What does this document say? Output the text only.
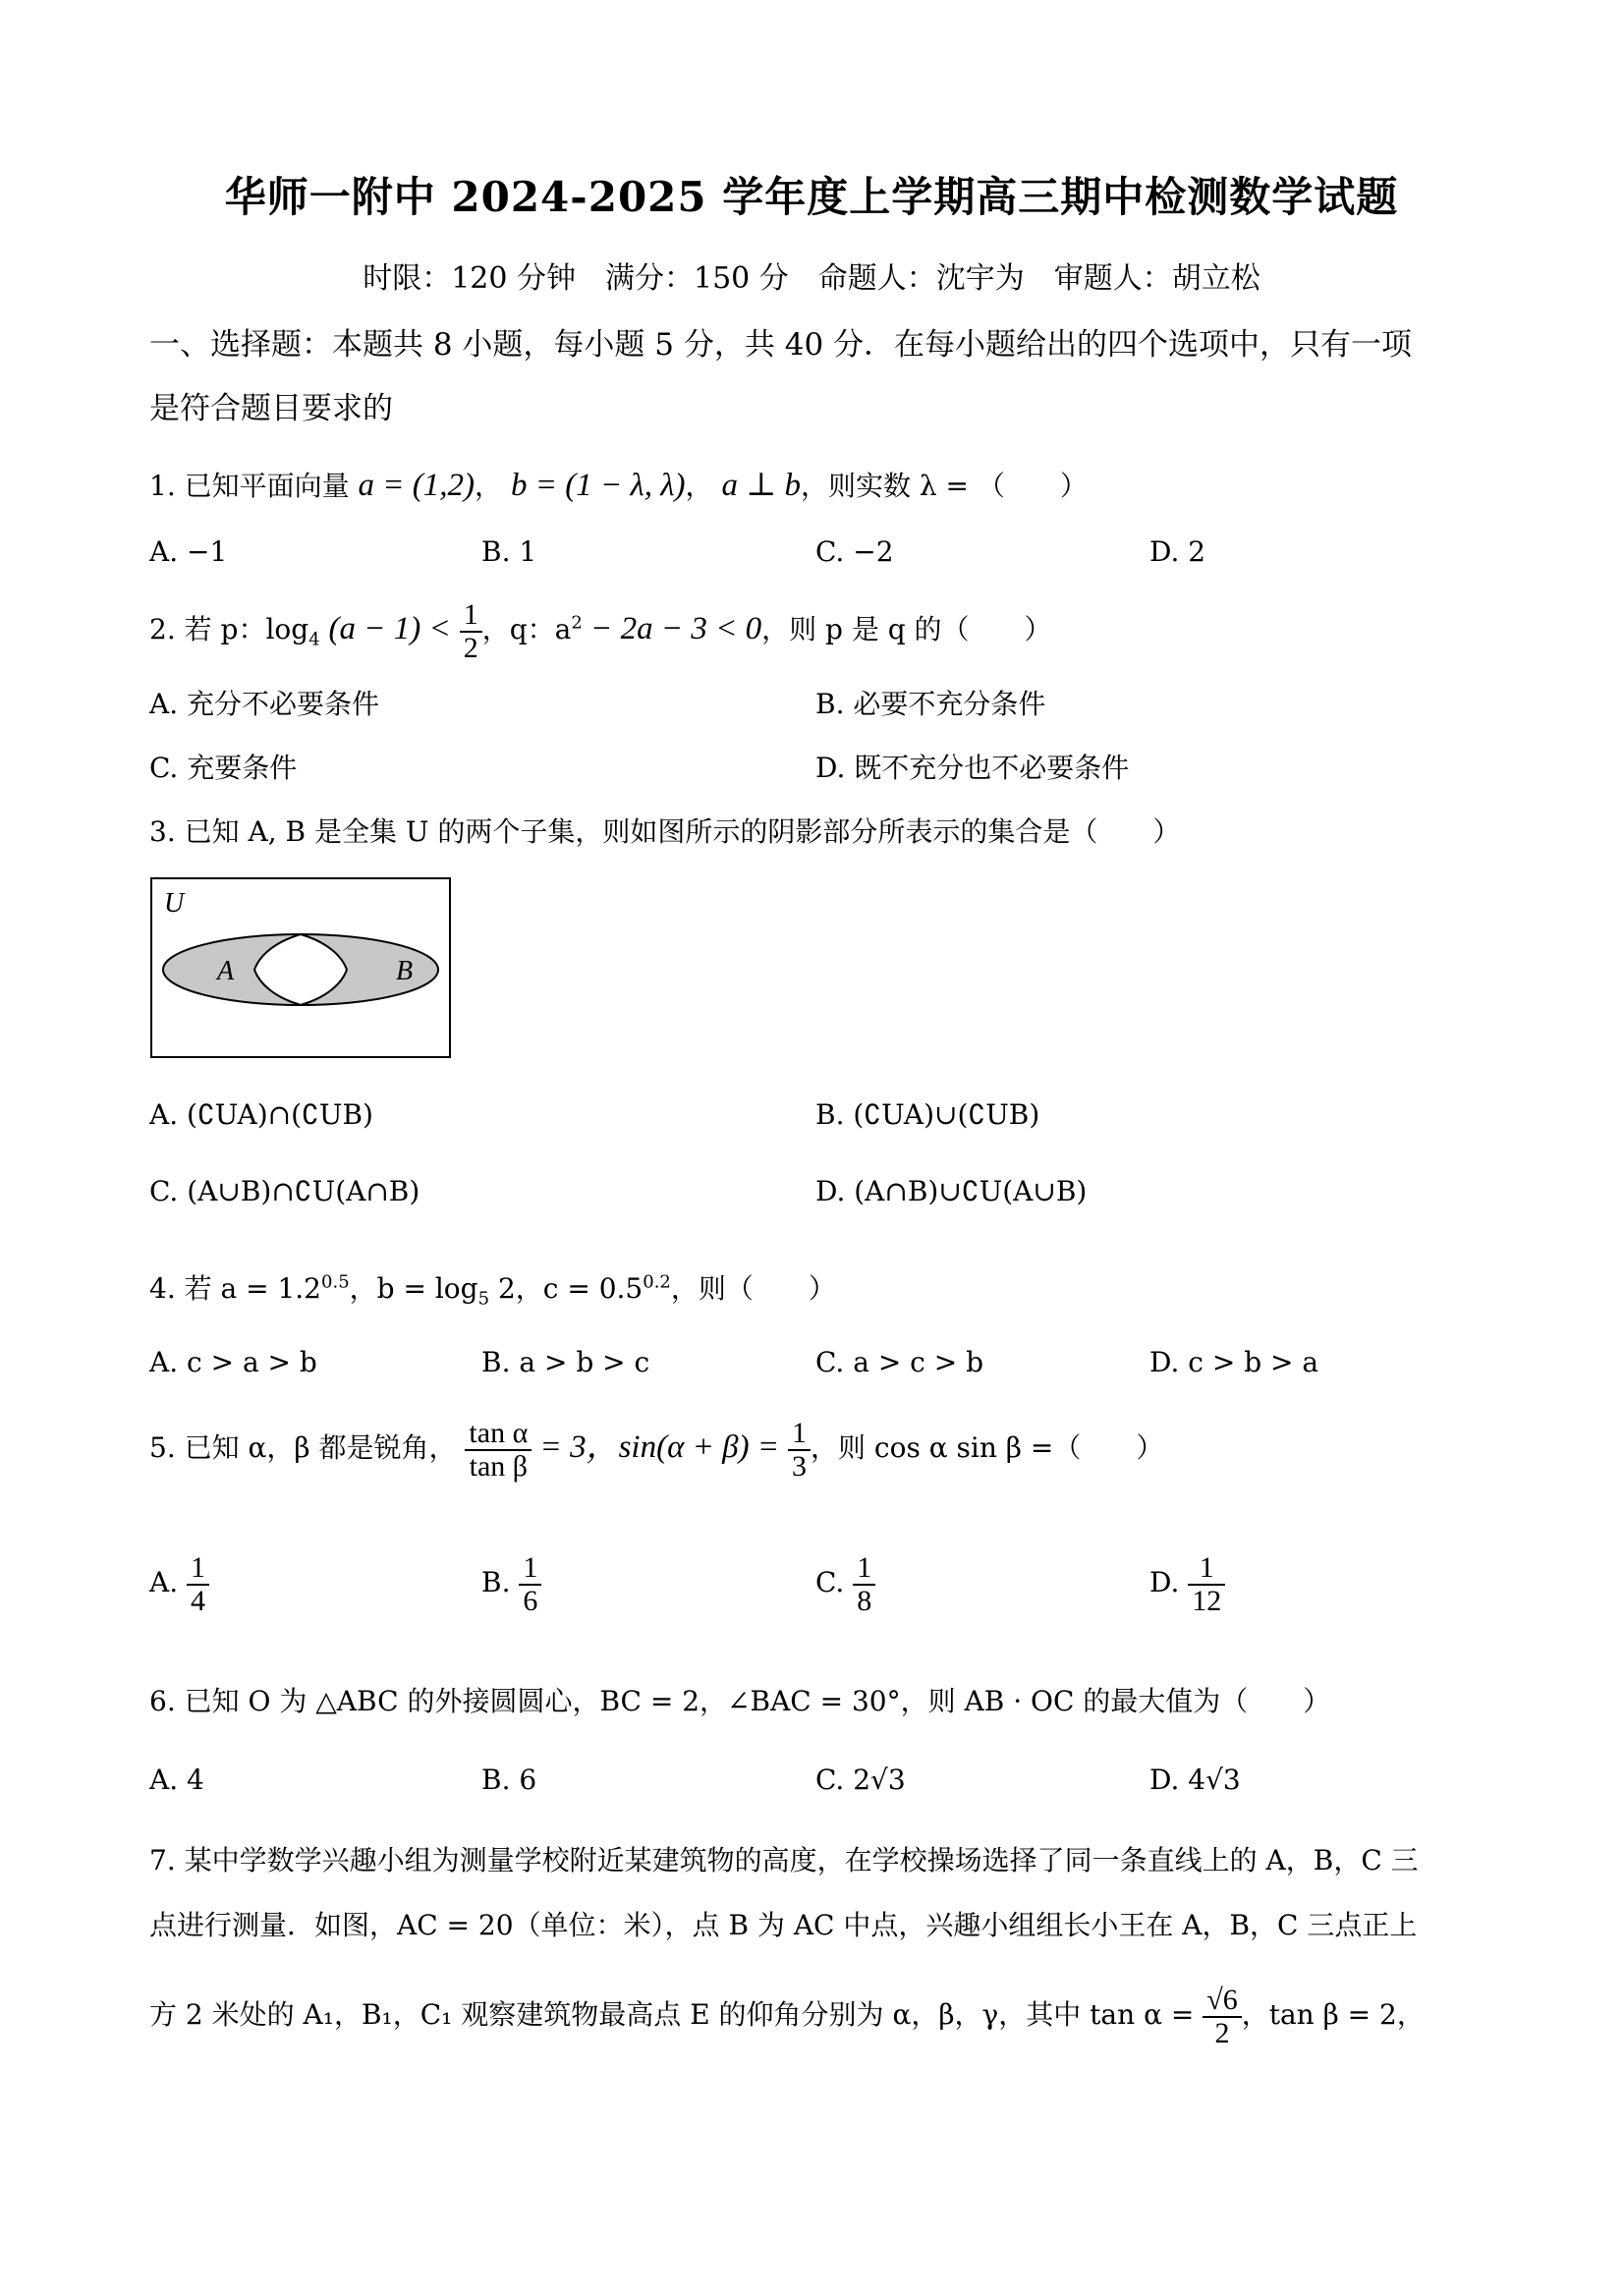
华师一附中 2024-2025 学年度上学期高三期中检测数学试题
时限：120 分钟　满分：150 分　命题人：沈宇为　审题人：胡立松
一、选择题：本题共 8 小题，每小题 5 分，共 40 分．在每小题给出的四个选项中，只有一项
是符合题目要求的
1. 已知平面向量 a = (1,2)， b = (1 − λ, λ)， a ⊥ b，则实数 λ = （　　）
A. −1	B. 1	C. −2	D. 2
2. 若 p：$\log_4 (a - 1) < \frac{1}{2}$ ，q：$a^2 - 2a - 3 < 0$，则 p 是 q 的（　　）
A. 充分不必要条件	B. 必要不充分条件
C. 充要条件	D. 既不充分也不必要条件
3. 已知 A, B 是全集 U 的两个子集，则如图所示的阴影部分所表示的集合是（　　）
U
A	B
A. (∁UA)∩(∁UB)	B. (∁UA)∪(∁UB)
C. (A∪B)∩∁U(A∩B)	D. (A∩B)∪∁U(A∪B)
4. 若 $a = 1.2^{0.5}$，$b = \log_5 2$，$c = 0.5^{0.2}$，则（　　）
A. c > a > b	B. a > b > c	C. a > c > b	D. c > b > a
5. 已知 α，β 都是锐角， $\frac{\text{tan α}}{\text{tan β}} = 3$，$\sin(\alpha + \beta) = \frac{1}{3}$ ，则 cos α sin β =（　　）
A. $\frac{1}{4}$	B. $\frac{1}{6}$	C. $\frac{1}{8}$	D. $\frac{1}{12}$
6. 已知 O 为 △ABC 的外接圆圆心，BC = 2，∠BAC = 30°，则 AB · OC 的最大值为（　　）
A. 4	B. 6	C. 2√3	D. 4√3
7. 某中学数学兴趣小组为测量学校附近某建筑物的高度，在学校操场选择了同一条直线上的 A，B，C 三
点进行测量．如图，AC = 20（单位：米），点 B 为 AC 中点，兴趣小组组长小王在 A，B，C 三点正上
方 2 米处的 A₁，B₁，C₁ 观察建筑物最高点 E 的仰角分别为 α，β，γ，其中 $\tan \alpha = \frac{√6}{2}$ ，tan β = 2，
